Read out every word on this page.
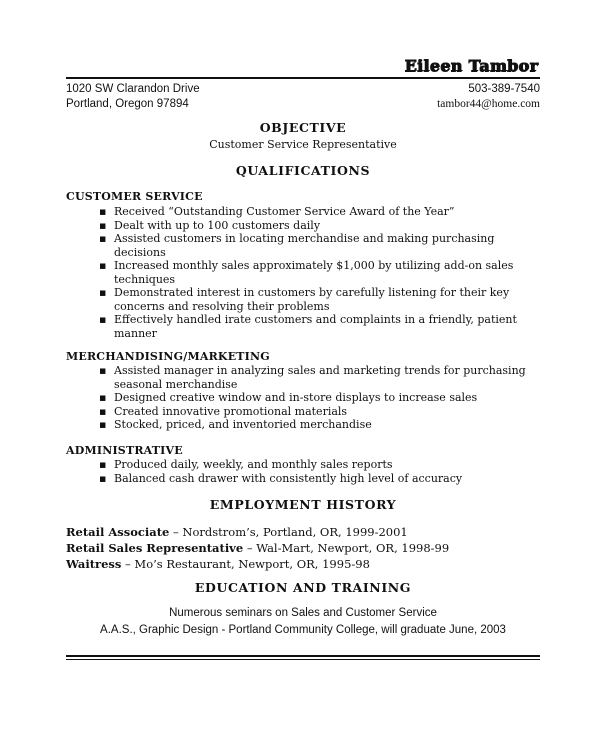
Eileen Tambor
1020 SW Clarandon Drive	503-389-7540
Portland, Oregon 97894	tambor44@home.com
OBJECTIVE
Customer Service Representative
QUALIFICATIONS
CUSTOMER SERVICE
▪ Received “Outstanding Customer Service Award of the Year”
▪ Dealt with up to 100 customers daily
▪ Assisted customers in locating merchandise and making purchasing decisions
▪ Increased monthly sales approximately $1,000 by utilizing add-on sales techniques
▪ Demonstrated interest in customers by carefully listening for their key concerns and resolving their problems
▪ Effectively handled irate customers and complaints in a friendly, patient manner
MERCHANDISING/MARKETING
▪ Assisted manager in analyzing sales and marketing trends for purchasing seasonal merchandise
▪ Designed creative window and in-store displays to increase sales
▪ Created innovative promotional materials
▪ Stocked, priced, and inventoried merchandise
ADMINISTRATIVE
▪ Produced daily, weekly, and monthly sales reports
▪ Balanced cash drawer with consistently high level of accuracy
EMPLOYMENT HISTORY
Retail Associate – Nordstrom’s, Portland, OR, 1999-2001
Retail Sales Representative – Wal-Mart, Newport, OR, 1998-99
Waitress – Mo’s Restaurant, Newport, OR, 1995-98
EDUCATION AND TRAINING
Numerous seminars on Sales and Customer Service
A.A.S., Graphic Design - Portland Community College, will graduate June, 2003
